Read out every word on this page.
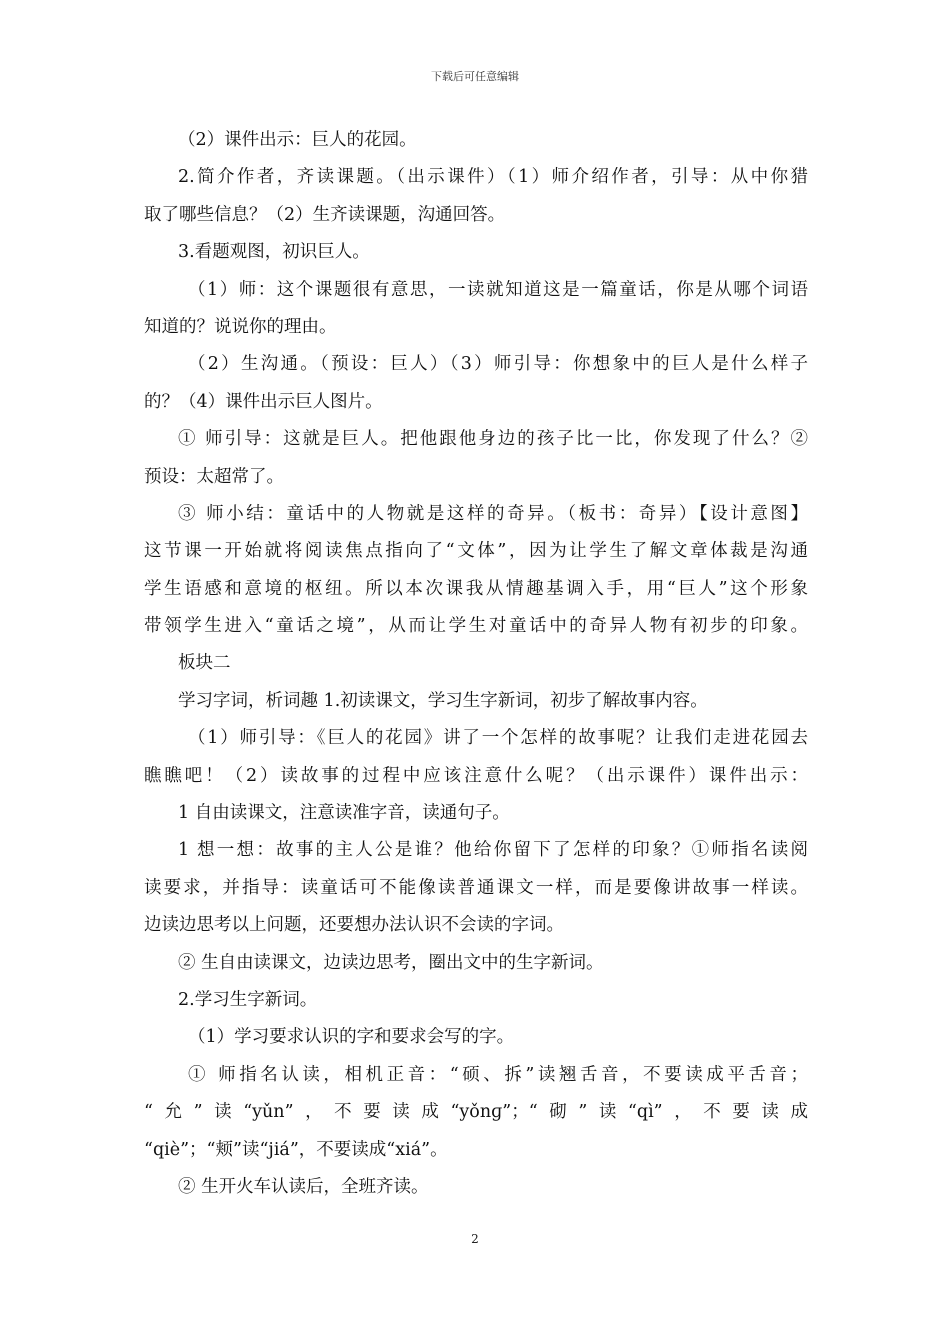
下载后可任意编辑
（2）课件出示：巨人的花园。
2.简介作者，齐读课题。（出示课件）（1）师介绍作者，引导：从中你猎
取了哪些信息？（2）生齐读课题，沟通回答。
3.看题观图，初识巨人。
（1）师：这个课题很有意思，一读就知道这是一篇童话，你是从哪个词语
知道的？说说你的理由。
（2）生沟通。（预设：巨人）（3）师引导：你想象中的巨人是什么样子
的？（4）课件出示巨人图片。
① 师引导：这就是巨人。把他跟他身边的孩子比一比，你发现了什么？②
预设：太超常了。
③ 师小结：童话中的人物就是这样的奇异。（板书：奇异）【设计意图】
这节课一开始就将阅读焦点指向了“文体”，因为让学生了解文章体裁是沟通
学生语感和意境的枢纽。所以本次课我从情趣基调入手，用“巨人”这个形象
带领学生进入“童话之境”，从而让学生对童话中的奇异人物有初步的印象。
板块二
学习字词，析词趣 1.初读课文，学习生字新词，初步了解故事内容。
（1）师引导：《巨人的花园》讲了一个怎样的故事呢？让我们走进花园去
瞧瞧吧！（2）读故事的过程中应该注意什么呢？（出示课件）课件出示：
1 自由读课文，注意读准字音，读通句子。
1 想一想：故事的主人公是谁？他给你留下了怎样的印象？①师指名读阅
读要求，并指导：读童话可不能像读普通课文一样，而是要像讲故事一样读。
边读边思考以上问题，还要想办法认识不会读的字词。
② 生自由读课文，边读边思考，圈出文中的生字新词。
2.学习生字新词。
（1）学习要求认识的字和要求会写的字。
① 师指名认读，相机正音：“硕、拆”读翘舌音，不要读成平舌音；
“允”读“yǔn”，不要读成“yǒnɡ”；“砌”读“qì”，不要读成
“qiè”；“颊”读“jiá”，不要读成“xiá”。
② 生开火车认读后，全班齐读。
2
